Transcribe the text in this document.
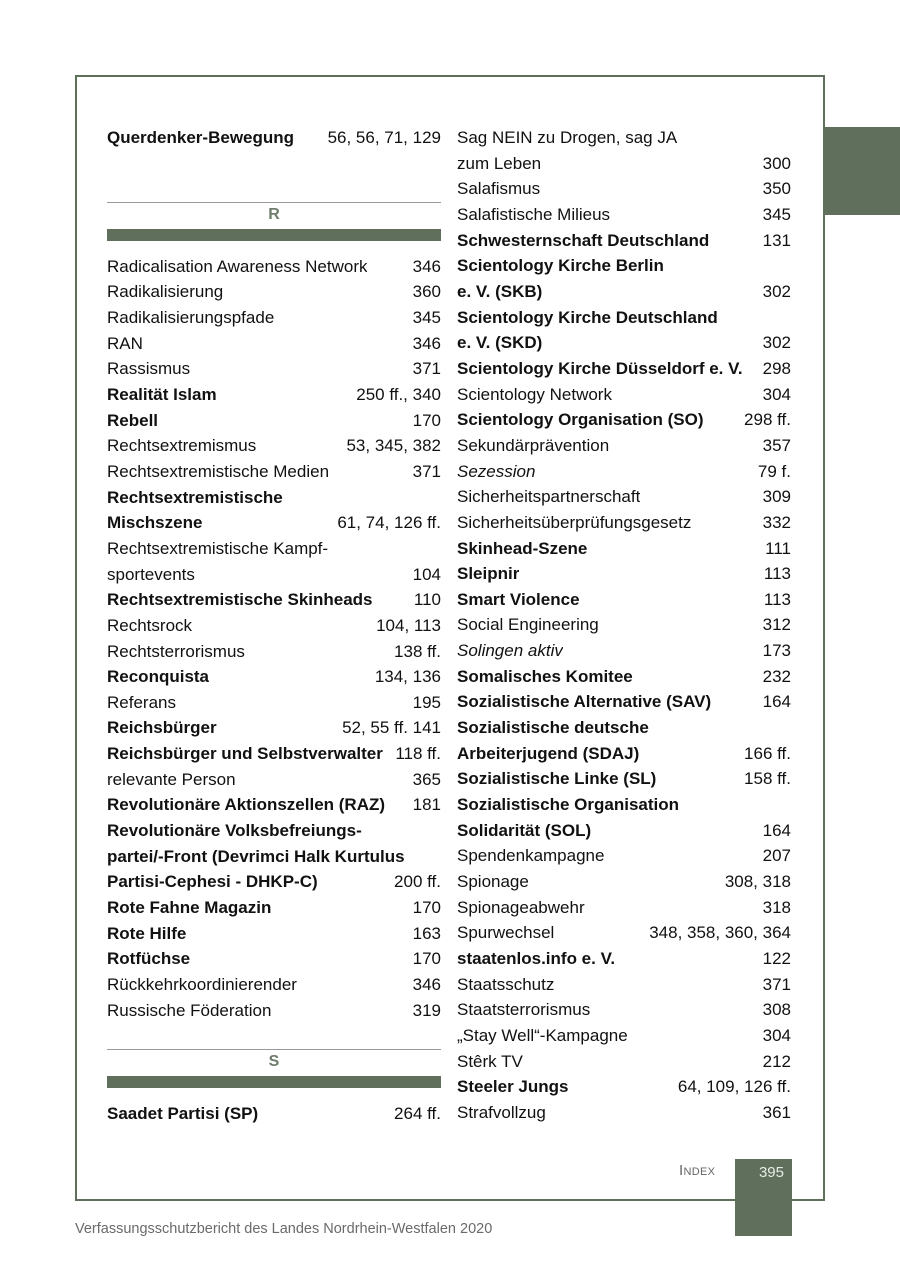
Querdenker-Bewegung	56, 56, 71, 129
R
Radicalisation Awareness Network	346
Radikalisierung	360
Radikalisierungspfade	345
RAN	346
Rassismus	371
Realität Islam	250 ff., 340
Rebell	170
Rechtsextremismus	53, 345, 382
Rechtsextremistische Medien	371
Rechtsextremistische
Mischszene	61, 74, 126 ff.
Rechtsextremistische Kampf-
sportevents	104
Rechtsextremistische Skinheads	110
Rechtsrock	104, 113
Rechtsterrorismus	138 ff.
Reconquista	134, 136
Referans	195
Reichsbürger	52, 55 ff. 141
Reichsbürger und Selbstverwalter 118 ff.
relevante Person	365
Revolutionäre Aktionszellen (RAZ)	181
Revolutionäre Volksbefreiungs-
partei/-Front (Devrimci Halk Kurtulus
Partisi-Cephesi - DHKP-C)	200 ff.
Rote Fahne Magazin	170
Rote Hilfe	163
Rotfüchse	170
Rückkehrkoordinierender	346
Russische Föderation	319
S
Saadet Partisi (SP)	264 ff.
Sag NEIN zu Drogen, sag JA
zum Leben	300
Salafismus	350
Salafistische Milieus	345
Schwesternschaft Deutschland	131
Scientology Kirche Berlin
e. V. (SKB)	302
Scientology Kirche Deutschland
e. V. (SKD)	302
Scientology Kirche Düsseldorf e. V.	298
Scientology Network	304
Scientology Organisation (SO)	298 ff.
Sekundärprävention	357
Sezession	79 f.
Sicherheitspartnerschaft	309
Sicherheitsüberprüfungsgesetz	332
Skinhead-Szene	111
Sleipnir	113
Smart Violence	113
Social Engineering	312
Solingen aktiv	173
Somalisches Komitee	232
Sozialistische Alternative (SAV)	164
Sozialistische deutsche
Arbeiterjugend (SDAJ)	166 ff.
Sozialistische Linke (SL)	158 ff.
Sozialistische Organisation
Solidarität (SOL)	164
Spendenkampagne	207
Spionage	308, 318
Spionageabwehr	318
Spurwechsel	348, 358, 360, 364
staatenlos.info e. V.	122
Staatsschutz	371
Staatsterrorismus	308
„Stay Well“-Kampagne	304
Stêrk TV	212
Steeler Jungs	64, 109, 126 ff.
Strafvollzug	361
Index	395
Verfassungsschutzbericht des Landes Nordrhein-Westfalen 2020
